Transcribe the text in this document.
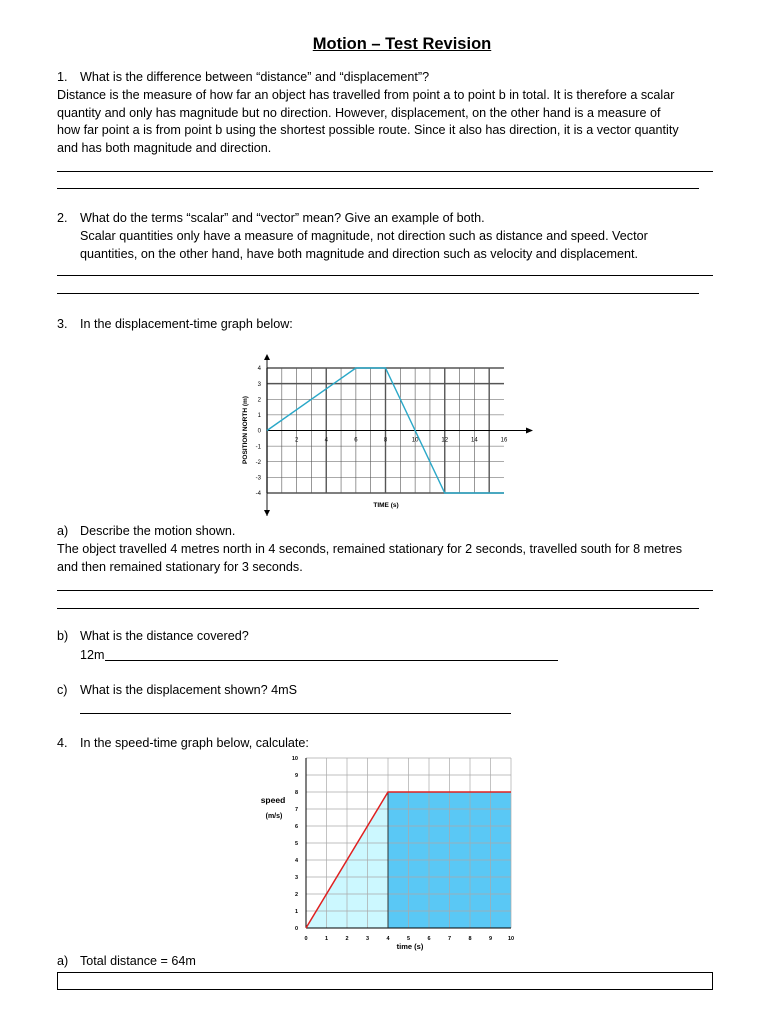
Motion – Test Revision
1. What is the difference between “distance” and “displacement”?
Distance is the measure of how far an object has travelled from point a to point b in total. It is therefore a scalar
quantity and only has magnitude but no direction. However, displacement, on the other hand is a measure of
how far point a is from point b using the shortest possible route. Since it also has direction, it is a vector quantity
and has both magnitude and direction.
2. What do the terms “scalar” and “vector” mean? Give an example of both.
Scalar quantities only have a measure of magnitude, not direction such as distance and speed. Vector
quantities, on the other hand, have both magnitude and direction such as velocity and displacement.
3. In the displacement-time graph below:
4
3
2
1
0
-1
-2
-3
-4
2	4	6	8	10	12	14	16
POSITION NORTH (m)
TIME (s)
a) Describe the motion shown.
The object travelled 4 metres north in 4 seconds, remained stationary for 2 seconds, travelled south for 8 metres
and then remained stationary for 3 seconds.
b) What is the distance covered?
12m
c) What is the displacement shown? 4mS
4. In the speed-time graph below, calculate:
0
1
2
3
4
5
6
7
8
9
10
0	1	2	3	4	5	6	7	8	9	10
speed
(m/s)
time (s)
a) Total distance = 64m
